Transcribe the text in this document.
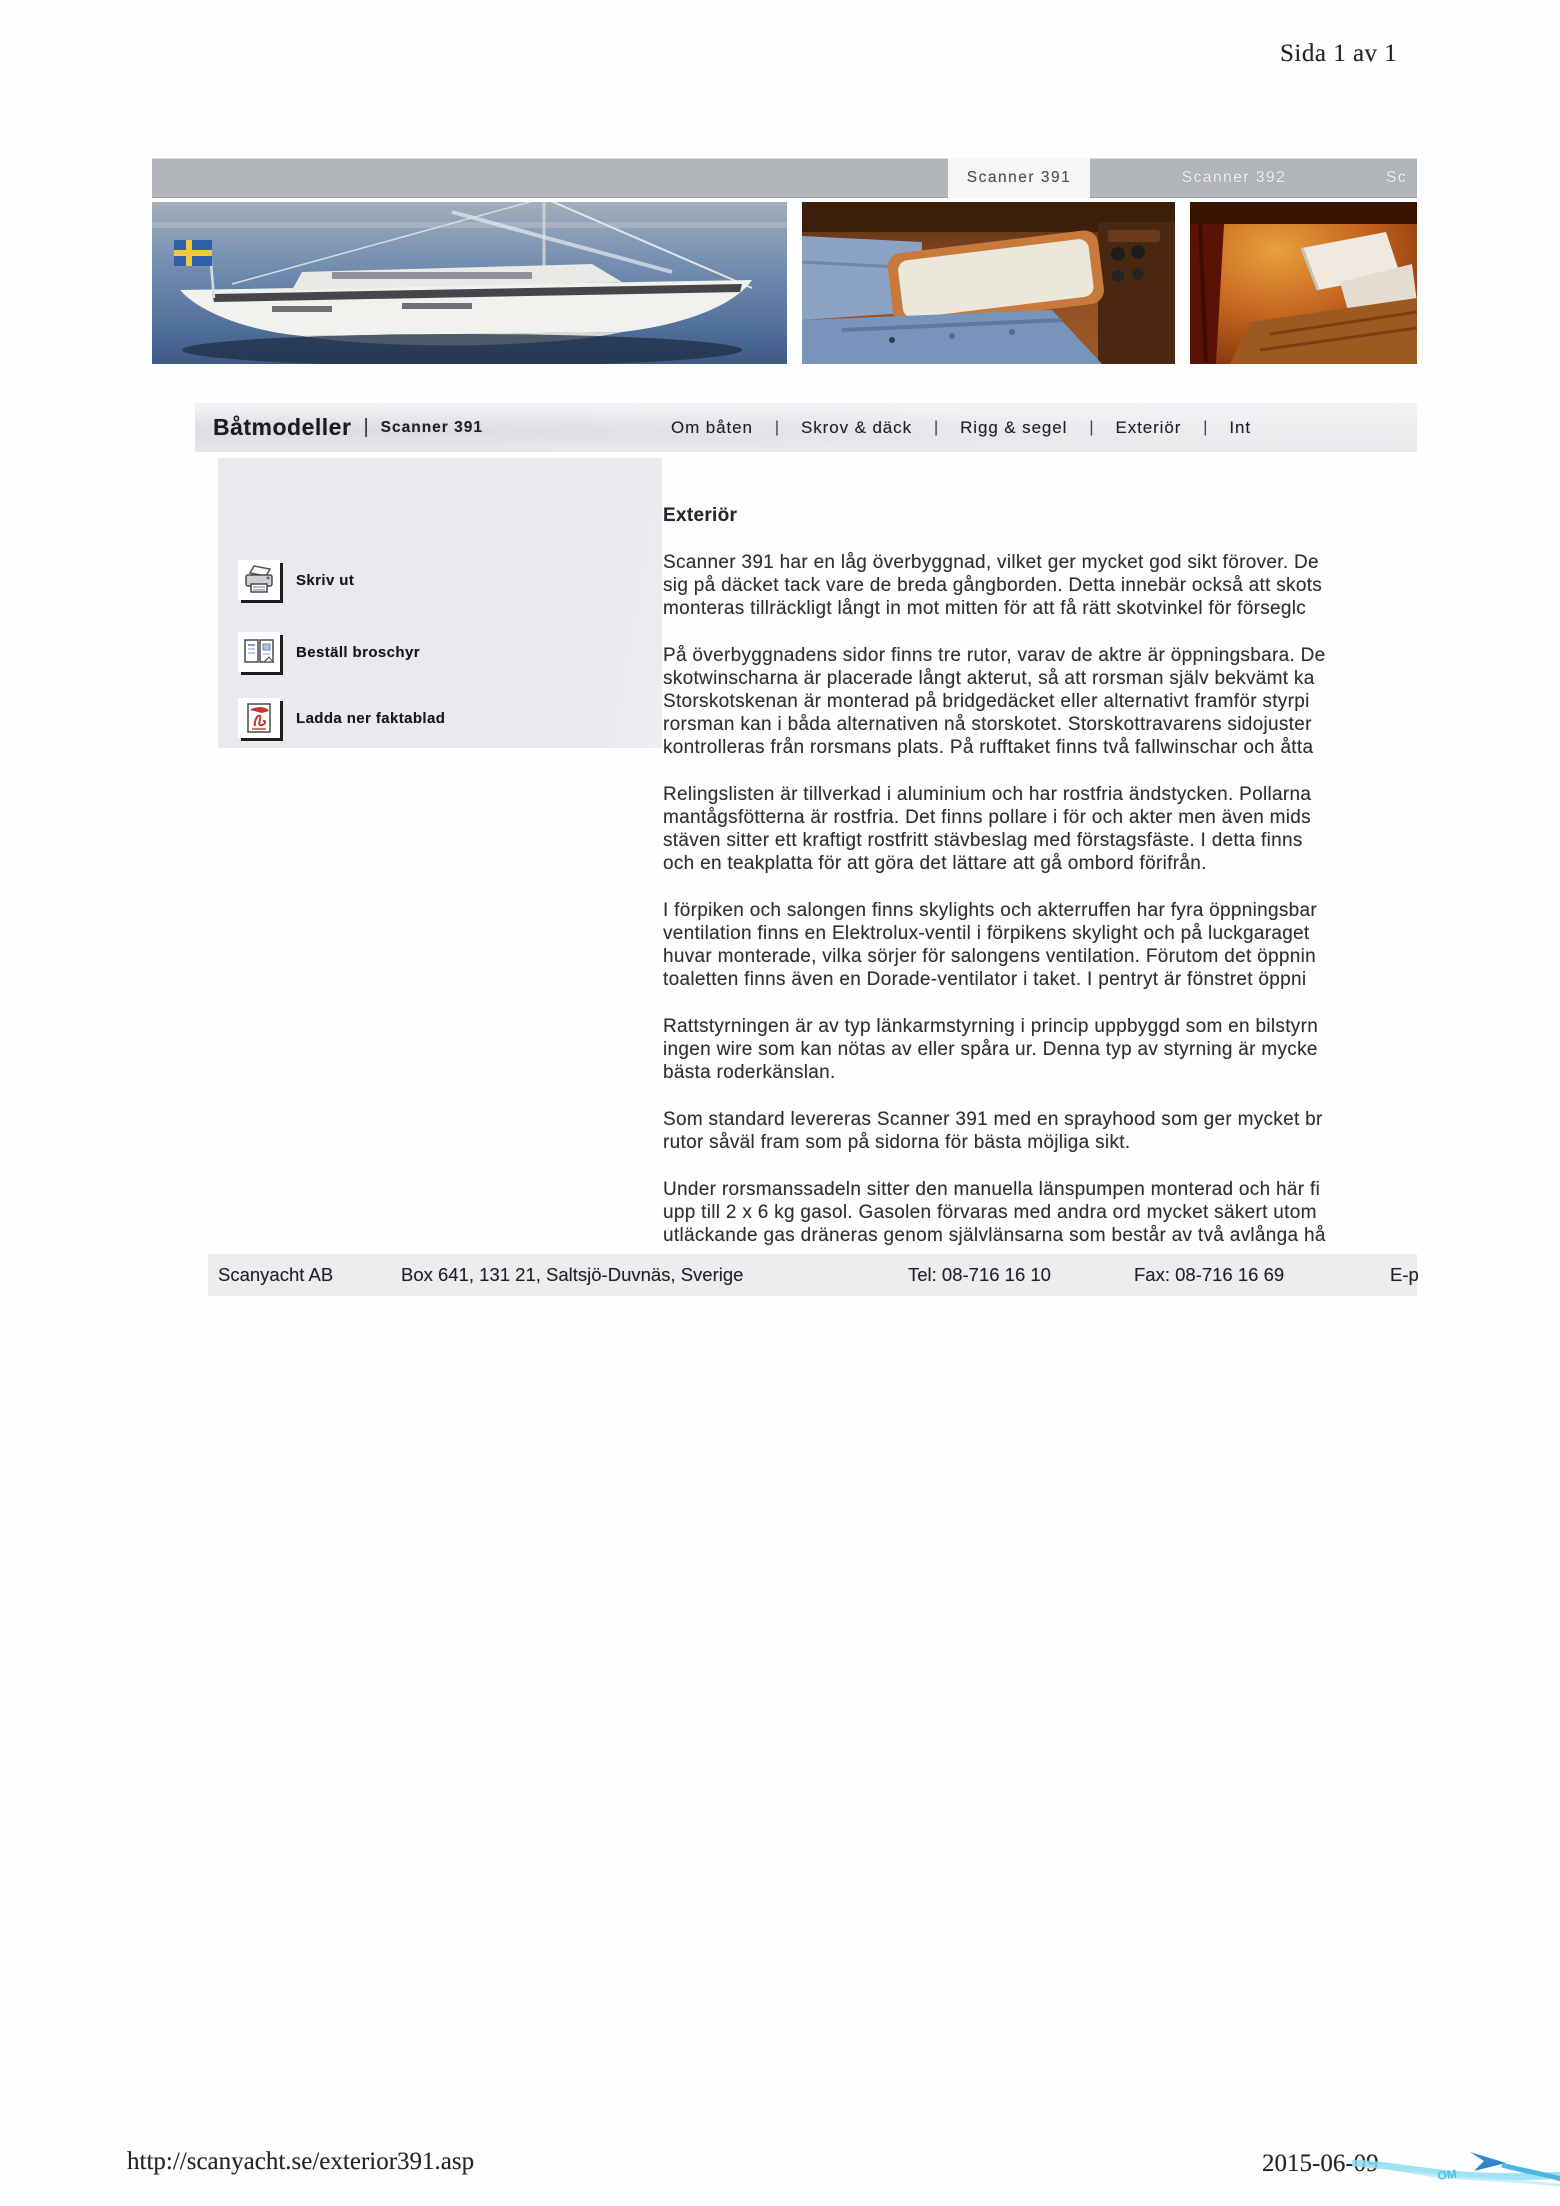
Sida 1 av 1
Scanner 391	Scanner 392	Sc
Båtmodeller | Scanner 391	Om båten | Skrov & däck | Rigg & segel | Exteriör | Int
Skriv ut
Beställ broschyr
Ladda ner faktablad
Exteriör
Scanner 391 har en låg överbyggnad, vilket ger mycket god sikt förover. De
sig på däcket tack vare de breda gångborden. Detta innebär också att skots
monteras tillräckligt långt in mot mitten för att få rätt skotvinkel för förseglc
På överbyggnadens sidor finns tre rutor, varav de aktre är öppningsbara. De
skotwinscharna är placerade långt akterut, så att rorsman själv bekvämt ka
Storskotskenan är monterad på bridgedäcket eller alternativt framför styrpi
rorsman kan i båda alternativen nå storskotet. Storskottravarens sidojuster
kontrolleras från rorsmans plats. På rufftaket finns två fallwinschar och åtta
Relingslisten är tillverkad i aluminium och har rostfria ändstycken. Pollarna
mantågsfötterna är rostfria. Det finns pollare i för och akter men även mids
stäven sitter ett kraftigt rostfritt stävbeslag med förstagsfäste. I detta finns
och en teakplatta för att göra det lättare att gå ombord förifrån.
I förpiken och salongen finns skylights och akterruffen har fyra öppningsbar
ventilation finns en Elektrolux-ventil i förpikens skylight och på luckgaraget
huvar monterade, vilka sörjer för salongens ventilation. Förutom det öppnin
toaletten finns även en Dorade-ventilator i taket. I pentryt är fönstret öppni
Rattstyrningen är av typ länkarmstyrning i princip uppbyggd som en bilstyrn
ingen wire som kan nötas av eller spåra ur. Denna typ av styrning är mycke
bästa roderkänslan.
Som standard levereras Scanner 391 med en sprayhood som ger mycket br
rutor såväl fram som på sidorna för bästa möjliga sikt.
Under rorsmanssadeln sitter den manuella länspumpen monterad och här fi
upp till 2 x 6 kg gasol. Gasolen förvaras med andra ord mycket säkert utom
utläckande gas dräneras genom självlänsarna som består av två avlånga hå
Scanyacht AB	Box 641, 131 21, Saltsjö-Duvnäs, Sverige	Tel: 08-716 16 10	Fax: 08-716 16 69	E-p
http://scanyacht.se/exterior391.asp	2015-06-09	OM
